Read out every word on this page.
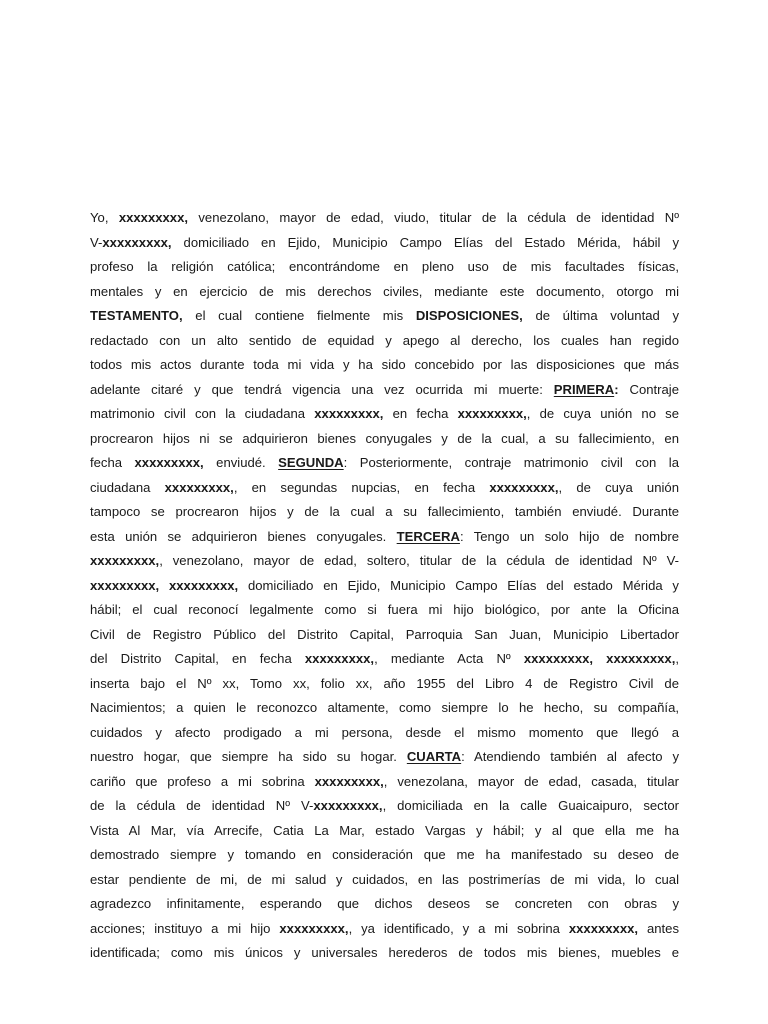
Yo, xxxxxxxxx, venezolano, mayor de edad, viudo, titular de la cédula de identidad Nº
V-xxxxxxxxx, domiciliado en Ejido, Municipio Campo Elías del Estado Mérida, hábil y
profeso la religión católica; encontrándome en pleno uso de mis facultades físicas,
mentales y en ejercicio de mis derechos civiles, mediante este documento, otorgo mi
TESTAMENTO, el cual contiene fielmente mis DISPOSICIONES, de última voluntad y
redactado con un alto sentido de equidad y apego al derecho, los cuales han regido
todos mis actos durante toda mi vida y ha sido concebido por las disposiciones que más
adelante citaré y que tendrá vigencia una vez ocurrida mi muerte: PRIMERA: Contraje
matrimonio civil con la ciudadana xxxxxxxxx, en fecha xxxxxxxxx,, de cuya unión no se
procrearon hijos ni se adquirieron bienes conyugales y de la cual, a su fallecimiento, en
fecha xxxxxxxxx, enviudé. SEGUNDA: Posteriormente, contraje matrimonio civil con la
ciudadana xxxxxxxxx,, en segundas nupcias, en fecha xxxxxxxxx,, de cuya unión
tampoco se procrearon hijos y de la cual a su fallecimiento, también enviudé. Durante
esta unión se adquirieron bienes conyugales. TERCERA: Tengo un solo hijo de nombre
xxxxxxxxx,, venezolano, mayor de edad, soltero, titular de la cédula de identidad Nº V-
xxxxxxxxx, xxxxxxxxx, domiciliado en Ejido, Municipio Campo Elías del estado Mérida y
hábil; el cual reconocí legalmente como si fuera mi hijo biológico, por ante la Oficina
Civil de Registro Público del Distrito Capital, Parroquia San Juan, Municipio Libertador
del Distrito Capital, en fecha xxxxxxxxx,, mediante Acta Nº xxxxxxxxx, xxxxxxxxx,,
inserta bajo el Nº xx, Tomo xx, folio xx, año 1955 del Libro 4 de Registro Civil de
Nacimientos; a quien le reconozco altamente, como siempre lo he hecho, su compañía,
cuidados y afecto prodigado a mi persona, desde el mismo momento que llegó a
nuestro hogar, que siempre ha sido su hogar. CUARTA: Atendiendo también al afecto y
cariño que profeso a mi sobrina xxxxxxxxx,, venezolana, mayor de edad, casada, titular
de la cédula de identidad Nº V-xxxxxxxxx,, domiciliada en la calle Guaicaipuro, sector
Vista Al Mar, vía Arrecife, Catia La Mar, estado Vargas y hábil; y al que ella me ha
demostrado siempre y tomando en consideración que me ha manifestado su deseo de
estar pendiente de mi, de mi salud y cuidados, en las postrimerías de mi vida, lo cual
agradezco infinitamente, esperando que dichos deseos se concreten con obras y
acciones; instituyo a mi hijo xxxxxxxxx,, ya identificado, y a mi sobrina xxxxxxxxx, antes
identificada; como mis únicos y universales herederos de todos mis bienes, muebles e
